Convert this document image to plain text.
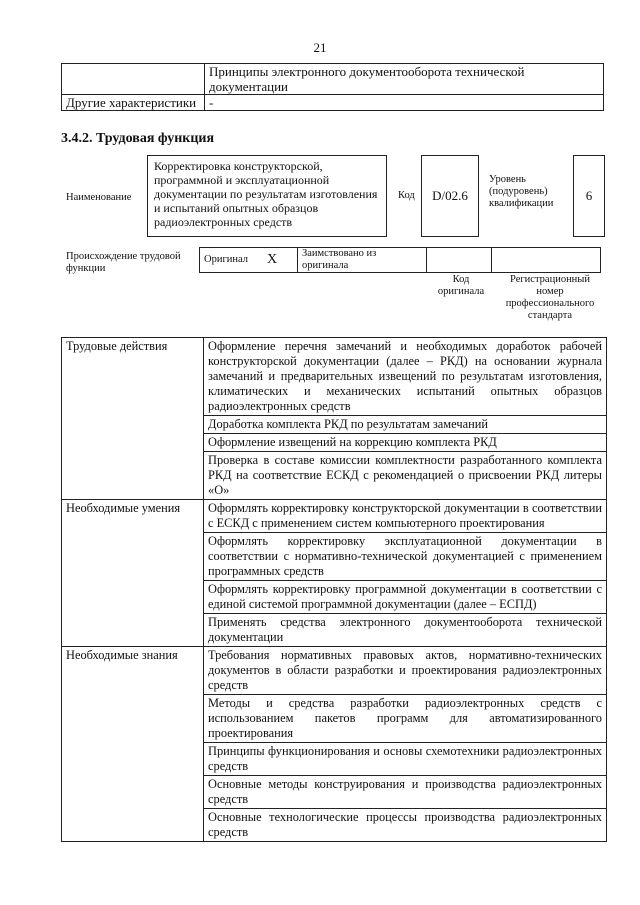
21
	Принципы электронного документооборота технической документации
Другие характеристики	-
3.4.2. Трудовая функция
Наименование
Корректировка конструкторской, программной и эксплуатационной документации по результатам изготовления и испытаний опытных образцов радиоэлектронных средств
Код	D/02.6
Уровень (подуровень) квалификации
6
Происхождение трудовой функции
Оригинал	X	Заимствовано из оригинала		
Код оригинала
Регистрационный номер профессионального стандарта
Трудовые действия	Оформление перечня замечаний и необходимых доработок рабочей конструкторской документации (далее – РКД) на основании журнала замечаний и предварительных извещений по результатам изготовления, климатических и механических испытаний опытных образцов радиоэлектронных средств
	Доработка комплекта РКД по результатам замечаний
	Оформление извещений на коррекцию комплекта РКД
	Проверка в составе комиссии комплектности разработанного комплекта РКД на соответствие ЕСКД с рекомендацией о присвоении РКД литеры «О»
Необходимые умения	Оформлять корректировку конструкторской документации в соответствии с ЕСКД с применением систем компьютерного проектирования
	Оформлять корректировку эксплуатационной документации в соответствии с нормативно-технической документацией с применением программных средств
	Оформлять корректировку программной документации в соответствии с единой системой программной документации (далее – ЕСПД)
	Применять средства электронного документооборота технической документации
Необходимые знания	Требования нормативных правовых актов, нормативно-технических документов в области разработки и проектирования радиоэлектронных средств
	Методы и средства разработки радиоэлектронных средств с использованием пакетов программ для автоматизированного проектирования
	Принципы функционирования и основы схемотехники радиоэлектронных средств
	Основные методы конструирования и производства радиоэлектронных средств
	Основные технологические процессы производства радиоэлектронных средств
